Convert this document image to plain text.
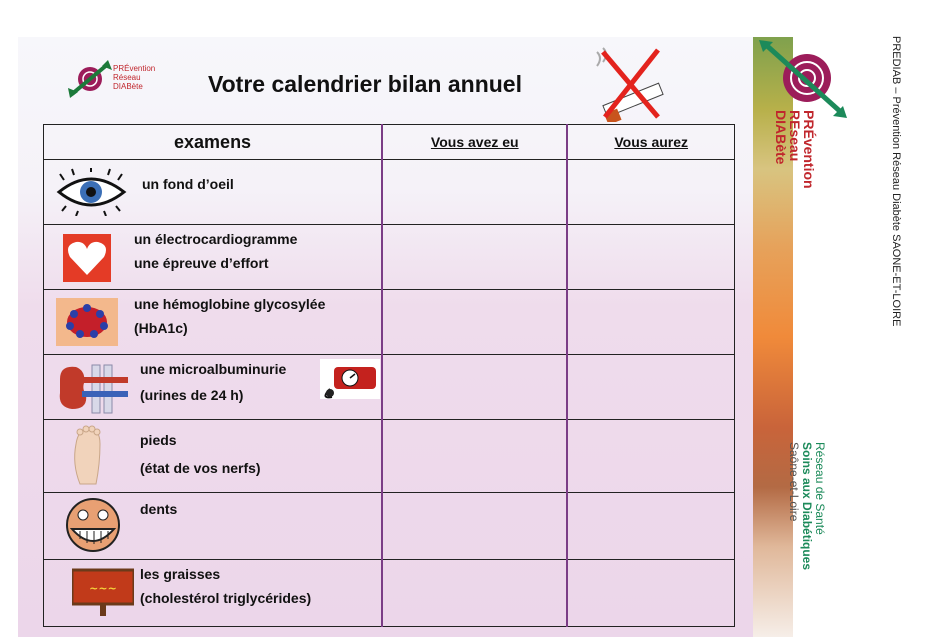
PRÉvention
Réseau
DIABète	Votre calendrier bilan annuel
examens	Vous avez eu	Vous aurez

un fond d’oeil		

un électrocardiogramme
une épreuve d’effort		

une hémoglobine glycosylée
(HbA1c)		

une microalbuminurie
(urines de 24 h)		

pieds
(état de vos nerfs)		

dents		

~~~
les graisses
(cholestérol triglycérides)		

PRÉvention
REseau
DIABète
Réseau de Santé
Soins aux Diabétiques
Saône-et-Loire
PREDIAB – Prévention Réseau Diabète SAONE-ET-LOIRE
